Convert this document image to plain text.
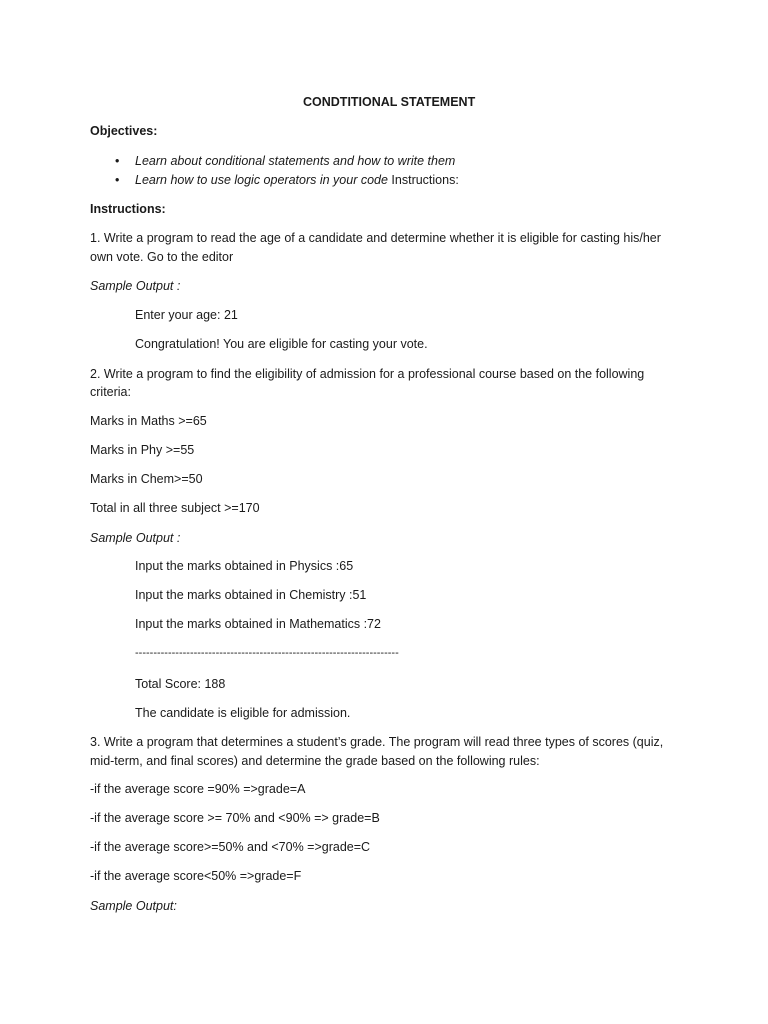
CONDTITIONAL STATEMENT
Objectives:
• Learn about conditional statements and how to write them
• Learn how to use logic operators in your code Instructions:
Instructions:
1. Write a program to read the age of a candidate and determine whether it is eligible for casting his/her
own vote. Go to the editor
Sample Output :
Enter your age: 21
Congratulation! You are eligible for casting your vote.
2. Write a program to find the eligibility of admission for a professional course based on the following
criteria:
Marks in Maths >=65
Marks in Phy >=55
Marks in Chem>=50
Total in all three subject >=170
Sample Output :
Input the marks obtained in Physics :65
Input the marks obtained in Chemistry :51
Input the marks obtained in Mathematics :72
------------------------------------------------------------------------
Total Score: 188
The candidate is eligible for admission.
3. Write a program that determines a student’s grade. The program will read three types of scores (quiz,
mid-term, and final scores) and determine the grade based on the following rules:
-if the average score =90% =>grade=A
-if the average score >= 70% and <90% => grade=B
-if the average score>=50% and <70% =>grade=C
-if the average score<50% =>grade=F
Sample Output:
